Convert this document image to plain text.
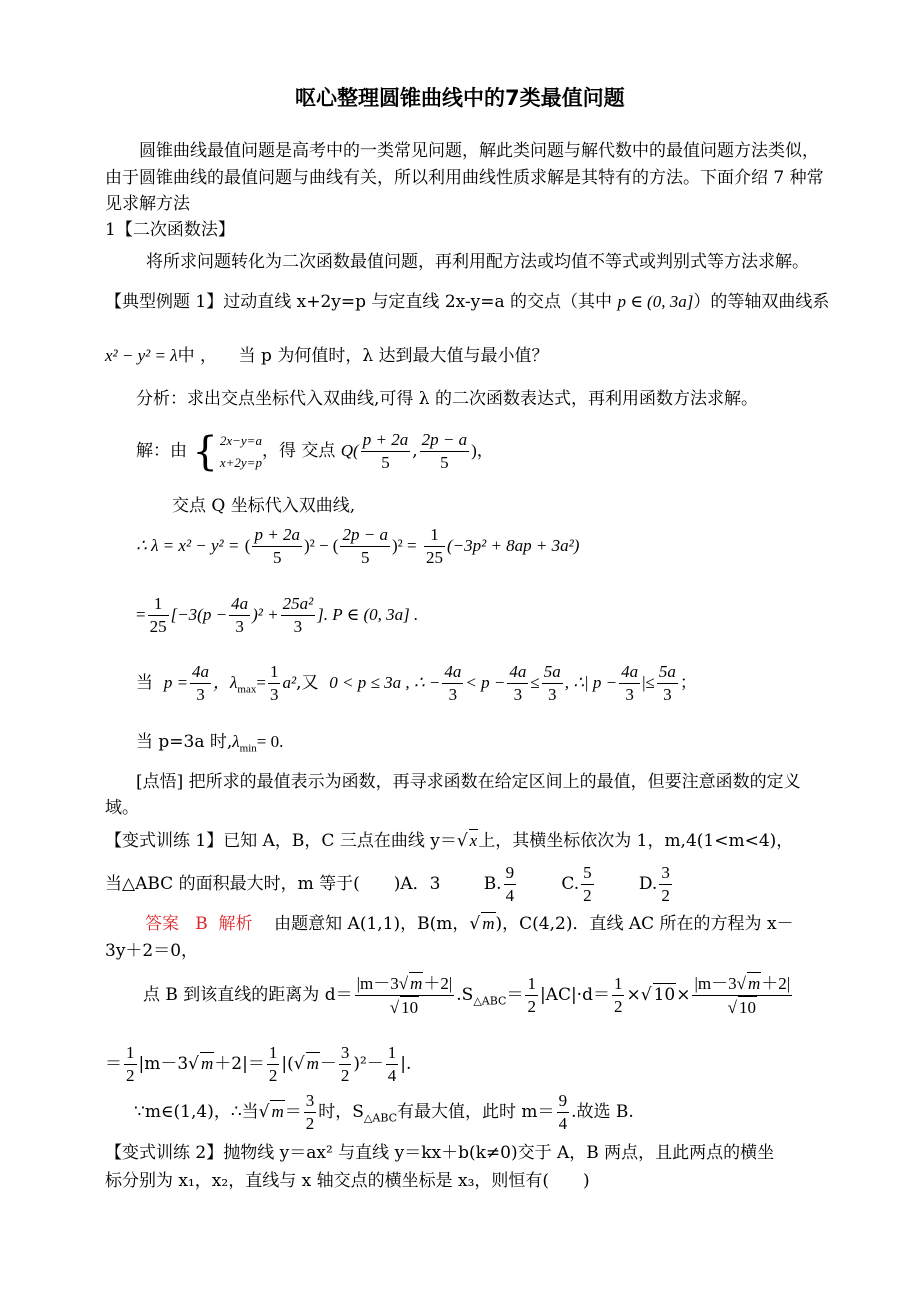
呕心整理圆锥曲线中的7类最值问题
圆锥曲线最值问题是高考中的一类常见问题，解此类问题与解代数中的最值问题方法类似，
由于圆锥曲线的最值问题与曲线有关，所以利用曲线性质求解是其特有的方法。下面介绍 7 种常
见求解方法
1【二次函数法】
将所求问题转化为二次函数最值问题，再利用配方法或均值不等式或判别式等方法求解。
【典型例题 1】过动直线 x+2y=p 与定直线 2x-y=a 的交点（其中 p ∈ (0, 3a]）的等轴双曲线系
x² − y² = λ中 ， 当 p 为何值时，λ 达到最大值与最小值？
分析：求出交点坐标代入双曲线,可得 λ 的二次函数表达式，再利用函数方法求解。
解：由 { 2x−y=a
x+2y=p
，得 交点 $Q( \frac{p + 2a}{5}$ , $\frac{2p - a}{5}$ )，
交点 Q 坐标代入双曲线,
∴ λ = x² − y² = ( $\frac{p + 2a}{5} )^2$ − ( $\frac{2p - a}{5} )^2 = \frac{1}{25} (-3p^2 + 8ap + 3a^2)$
= $\frac{1}{25} [-3(p - \frac{4a}{3} )^2 + \frac{\text{25a²}}{3}$ ]. P ∈ (0, 3a] .
当 $p = \frac{4a}{3}$ ，$\lambda_{max}= \frac{1}{3} a^2$,又 0 < p ≤ 3a , ∴ − $\frac{4a}{3} < p - \frac{4a}{3} \le \frac{5a}{3}$ , ∴| $p - \frac{4a}{3}$ |≤ $\frac{5a}{3}$ ；
当 p=3a 时$,\lambda_{min}= 0$.
[点悟] 把所求的最值表示为函数，再寻求函数在给定区间上的最值，但要注意函数的定义
域。
【变式训练 1】已知 A，B，C 三点在曲线 y＝√ x上，其横坐标依次为 1，m,4(1<m<4)，
当△ABC 的面积最大时，m 等于(　　)A．3	B. $\frac{9}{4}$	C. $\frac{5}{2}$	D. $\frac{3}{2}$
答案 B 解析 由题意知 A(1,1)，B(m，√ m)，C(4,2)．直线 AC 所在的方程为 x－
3y＋2＝0，
点 B 到该直线的距离为 $d= \frac{|m-3√ m+2|}{√ 10} .S_{\triangle ABC}= \frac{1}{2} |AC|\cdot d= \frac{1}{2}$ ×√ $10\times \frac{|m-3√ m+2|}{√ 10}$
＝ $\frac{1}{2} |m-3√$ $m+2|= \frac{1}{2}$ |(√ $m- \frac{3}{2} )^2- \frac{1}{4}$ |.
∵m∈(1,4)，∴当√ $m= \frac{3}{2}$ 时，$S_{\triangle ABC}$有最大值，此时 $m= \frac{9}{4}$ .故选 B.
【变式训练 2】抛物线 y＝ax² 与直线 y＝kx＋b(k≠0)交于 A，B 两点，且此两点的横坐
标分别为 x₁，x₂，直线与 x 轴交点的横坐标是 x₃，则恒有(　　)
